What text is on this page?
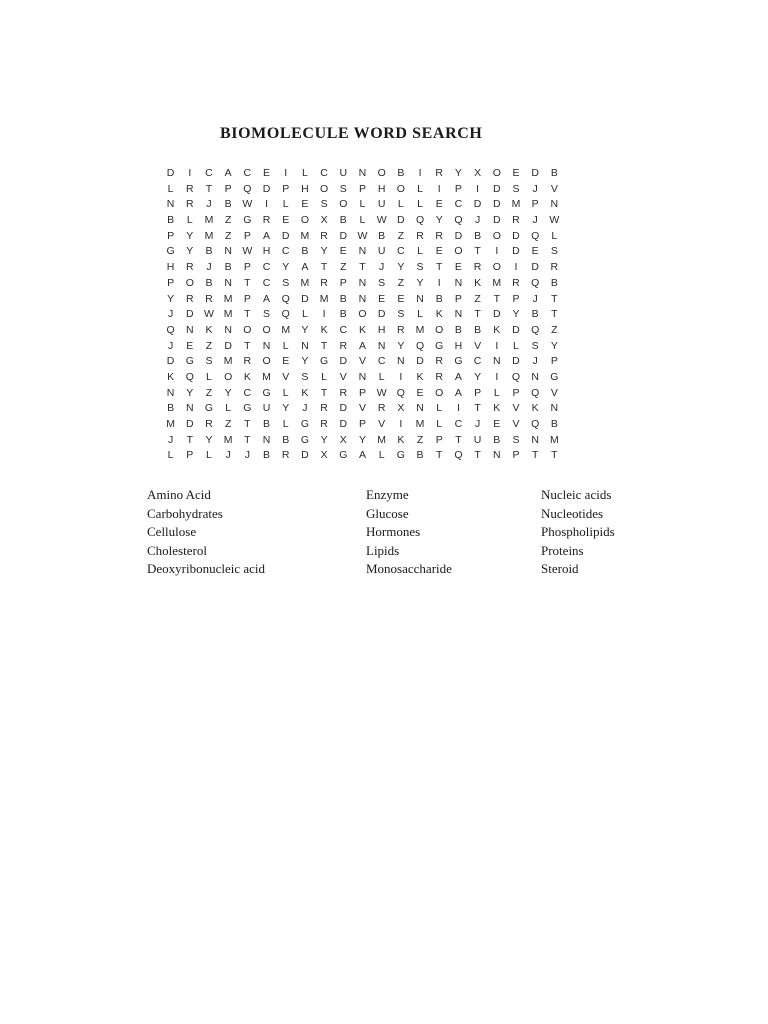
BIOMOLECULE WORD SEARCH
D	I	C	A	C	E	I	L	C	U	N	O	B	I	R	Y	X	O	E	D	B
L	R	T	P	Q	D	P	H	O	S	P	H	O	L	I	P	I	D	S	J	V
N	R	J	B	W	I	L	E	S	O	L	U	L	L	E	C	D	D	M	P	N
B	L	M	Z	G	R	E	O	X	B	L	W D	Q	Y	Q	J	D	R	J	W
P	Y	M	Z	P	A	D	M	R	D W	B	Z	R	R	D	B	O	D	Q	L
G	Y	B	N W H	C	B	Y	E	N	U	C	L	E	O	T	I	D	E	S
H	R	J	B	P	C	Y	A	T	Z	T	J	Y	S	T	E	R	O	I	D	R
P	O	B	N	T	C	S	M	R	P	N	S	Z	Y	I	N	K	M	R	Q	B
Y	R	R	M	P	A	Q	D	M	B	N	E	E	N	B	P	Z	T	P	J	T
J	D W M	T	S	Q	L	I	B	O	D	S	L	K	N	T	D	Y	B	T
Q	N	K	N	O	O	M	Y	K	C	K	H	R	M	O	B	B	K	D	Q	Z
J	E	Z	D	T	N	L	N	T	R	A	N	Y	Q	G	H	V	I	L	S	Y
D	G	S	M	R	O	E	Y	G	D	V	C	N	D	R	G	C	N	D	J	P
K	Q	L	O	K	M	V	S	L	V	N	L	I	K	R	A	Y	I	Q	N	G
N	Y	Z	Y	C	G	L	K	T	R	P	W Q	E	O	A	P	L	P	Q	V
B	N	G	L	G	U	Y	J	R	D	V	R	X	N	L	I	T	K	V	K	N
M	D	R	Z	T	B	L	G	R	D	P	V	I	M	L	C	J	E	V	Q	B
J	T	Y	M	T	N	B	G	Y	X	Y	M	K	Z	P	T	U	B	S	N	M
L	P	L	J	J	B	R	D	X	G	A	L	G	B	T	Q	T	N	P	T	T
Amino Acid
Carbohydrates
Cellulose
Cholesterol
Deoxyribonucleic acid
Enzyme
Glucose
Hormones
Lipids
Monosaccharide
Nucleic acids
Nucleotides
Phospholipids
Proteins
Steroid
